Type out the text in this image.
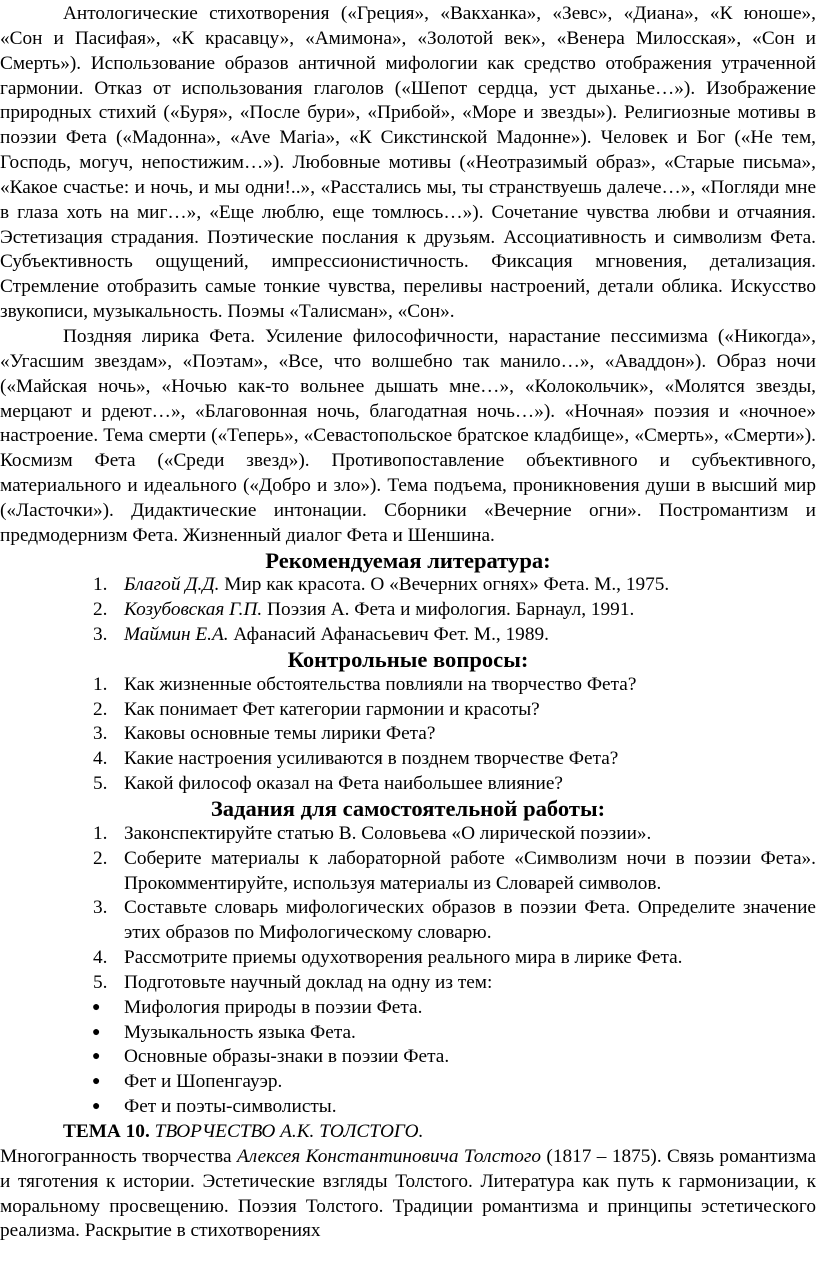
Антологические стихотворения («Греция», «Вакханка», «Зевс», «Диана», «К юноше», «Сон и Пасифая», «К красавцу», «Амимона», «Золотой век», «Венера Милосская», «Сон и Смерть»). Использование образов античной мифологии как средство отображения утраченной гармонии. Отказ от использования глаголов («Шепот сердца, уст дыханье…»). Изображение природных стихий («Буря», «После бури», «Прибой», «Море и звезды»). Религиозные мотивы в поэзии Фета («Мадонна», «Ave Maria», «К Сикстинской Мадонне»). Человек и Бог («Не тем, Господь, могуч, непостижим…»). Любовные мотивы («Неотразимый образ», «Старые письма», «Какое счастье: и ночь, и мы одни!..», «Расстались мы, ты странствуешь далече…», «Погляди мне в глаза хоть на миг…», «Еще люблю, еще томлюсь…»). Сочетание чувства любви и отчаяния. Эстетизация страдания. Поэтические послания к друзьям. Ассоциативность и символизм Фета. Субъективность ощущений, импрессионистичность. Фиксация мгновения, детализация. Стремление отобразить самые тонкие чувства, переливы настроений, детали облика. Искусство звукописи, музыкальность. Поэмы «Талисман», «Сон».

Поздняя лирика Фета. Усиление философичности, нарастание пессимизма («Никогда», «Угасшим звездам», «Поэтам», «Все, что волшебно так манило…», «Аваддон»). Образ ночи («Майская ночь», «Ночью как-то вольнее дышать мне…», «Колокольчик», «Молятся звезды, мерцают и рдеют…», «Благовонная ночь, благодатная ночь…»). «Ночная» поэзия и «ночное» настроение. Тема смерти («Теперь», «Севастопольское братское кладбище», «Смерть», «Смерти»). Космизм Фета («Среди звезд»). Противопоставление объективного и субъективного, материального и идеального («Добро и зло»). Тема подъема, проникновения души в высший мир («Ласточки»). Дидактические интонации. Сборники «Вечерние огни». Постромантизм и предмодернизм Фета. Жизненный диалог Фета и Шеншина.

Рекомендуемая литература:
1. Благой Д.Д. Мир как красота. О «Вечерних огнях» Фета. М., 1975.
2. Козубовская Г.П. Поэзия А. Фета и мифология. Барнаул, 1991.
3. Маймин Е.А. Афанасий Афанасьевич Фет. М., 1989.
Контрольные вопросы:
1. Как жизненные обстоятельства повлияли на творчество Фета?
2. Как понимает Фет категории гармонии и красоты?
3. Каковы основные темы лирики Фета?
4. Какие настроения усиливаются в позднем творчестве Фета?
5. Какой философ оказал на Фета наибольшее влияние?
Задания для самостоятельной работы:
1. Законспектируйте статью В. Соловьева «О лирической поэзии».
2. Соберите материалы к лабораторной работе «Символизм ночи в поэзии Фета». Прокомментируйте, используя материалы из Словарей символов.
3. Составьте словарь мифологических образов в поэзии Фета. Определите значение этих образов по Мифологическому словарю.
4. Рассмотрите приемы одухотворения реального мира в лирике Фета.
5. Подготовьте научный доклад на одну из тем:
● Мифология природы в поэзии Фета.
● Музыкальность языка Фета.
● Основные образы-знаки в поэзии Фета.
● Фет и Шопенгауэр.
● Фет и поэты-символисты.

ТЕМА 10. ТВОРЧЕСТВО А.К. ТОЛСТОГО.

Многогранность творчества Алексея Константиновича Толстого (1817 – 1875). Связь романтизма и тяготения к истории. Эстетические взгляды Толстого. Литература как путь к гармонизации, к моральному просвещению. Поэзия Толстого. Традиции романтизма и принципы эстетического реализма. Раскрытие в стихотворениях
